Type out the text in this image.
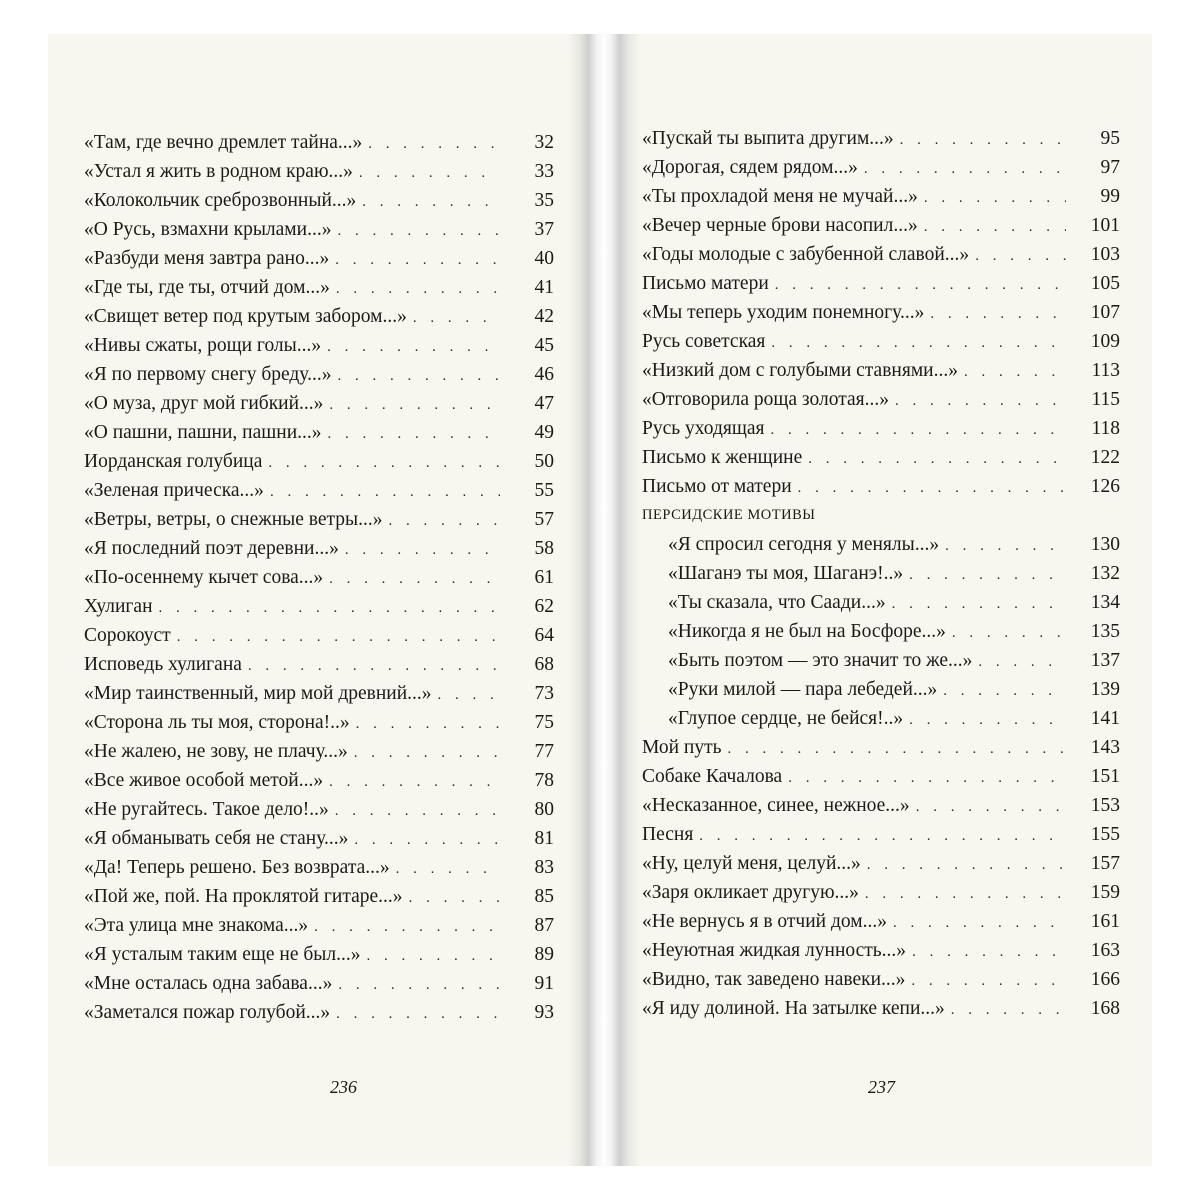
«Там, где вечно дремлет тайна...» . . .	32
«Устал я жить в родном краю...» . . .	33
«Колокольчик среброзвонный...» . . .	35
«О Русь, взмахни крылами...» . . .	37
«Разбуди меня завтра рано...» . . .	40
«Где ты, где ты, отчий дом...» . . .	41
«Свищет ветер под крутым забором...» . . .	42
«Нивы сжаты, рощи голы...» . . .	45
«Я по первому снегу бреду...» . . .	46
«О муза, друг мой гибкий...» . . .	47
«О пашни, пашни, пашни...» . . .	49
Иорданская голубица . . .	50
«Зеленая прическа...» . . .	55
«Ветры, ветры, о снежные ветры...» . . .	57
«Я последний поэт деревни...» . . .	58
«По-осеннему кычет сова...» . . .	61
Хулиган . . .	62
Сорокоуст . . .	64
Исповедь хулигана . . .	68
«Мир таинственный, мир мой древний...» . . .	73
«Сторона ль ты моя, сторона!..» . . .	75
«Не жалею, не зову, не плачу...» . . .	77
«Все живое особой метой...» . . .	78
«Не ругайтесь. Такое дело!..» . . .	80
«Я обманывать себя не стану...» . . .	81
«Да! Теперь решено. Без возврата...» . . .	83
«Пой же, пой. На проклятой гитаре...» . . .	85
«Эта улица мне знакома...» . . .	87
«Я усталым таким еще не был...» . . .	89
«Мне осталась одна забава...» . . .	91
«Заметался пожар голубой...» . . .	93
236
«Пускай ты выпита другим...» . . .	95
«Дорогая, сядем рядом...» . . .	97
«Ты прохладой меня не мучай...» . . .	99
«Вечер черные брови насопил...» . . .	101
«Годы молодые с забубенной славой...» . . .	103
Письмо матери . . .	105
«Мы теперь уходим понемногу...» . . .	107
Русь советская . . .	109
«Низкий дом с голубыми ставнями...» . . .	113
«Отговорила роща золотая...» . . .	115
Русь уходящая . . .	118
Письмо к женщине . . .	122
Письмо от матери . . .	126
ПЕРСИДСКИЕ МОТИВЫ
«Я спросил сегодня у менялы...» . . .	130
«Шаганэ ты моя, Шаганэ!..» . . .	132
«Ты сказала, что Саади...» . . .	134
«Никогда я не был на Босфоре...» . . .	135
«Быть поэтом — это значит то же...» . . .	137
«Руки милой — пара лебедей...» . . .	139
«Глупое сердце, не бейся!..» . . .	141
Мой путь . . .	143
Собаке Качалова . . .	151
«Несказанное, синее, нежное...» . . .	153
Песня . . .	155
«Ну, целуй меня, целуй...» . . .	157
«Заря окликает другую...» . . .	159
«Не вернусь я в отчий дом...» . . .	161
«Неуютная жидкая лунность...» . . .	163
«Видно, так заведено навеки...» . . .	166
«Я иду долиной. На затылке кепи...» . . .	168
237
